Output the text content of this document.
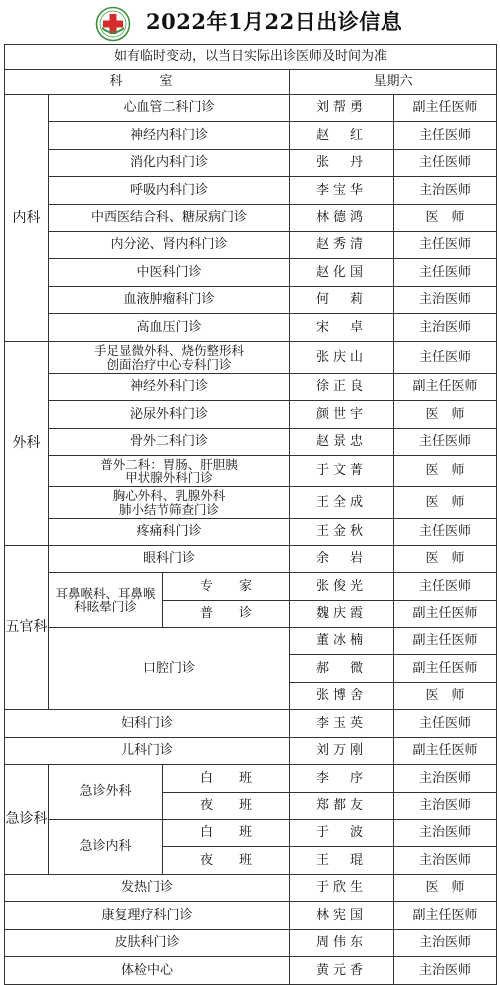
2022年1月22日出诊信息
如有临时变动，以当日实际出诊医师及时间为准				
科　室			星期六	
内科	心血管二科门诊		刘帮勇	副主任医师
	神经内科门诊		赵　红	主任医师
	消化内科门诊		张　丹	主任医师
	呼吸内科门诊		李宝华	主治医师
	中西医结合科、糖尿病门诊		林德鸿	医　师
	内分泌、肾内科门诊		赵秀清	主任医师
	中医科门诊		赵化国	主任医师
	血液肿瘤科门诊		何　莉	主治医师
	高血压门诊		宋　卓	主治医师
外科	手足显微外科、烧伤整形科
创面治疗中心专科门诊		张庆山	主任医师
	神经外科门诊		徐正良	副主任医师
	泌尿外科门诊		颜世宇	医　师
	骨外二科门诊		赵景忠	主任医师

	普外二科：胃肠、肝胆胰
甲状腺外科门诊		于文菁	医　师

	胸心外科、乳腺外科
肺小结节筛查门诊		王全成	医　师
	疼痛科门诊		王金秋	主任医师
五官科	眼科门诊		余　岩	医　师

	耳鼻喉科、耳鼻喉
科眩晕门诊	专　　家	张俊光	主任医师
		普　　诊	魏庆霞	副主任医师
	口腔门诊		董冰楠	副主任医师
			郝　微	副主任医师
			张博舍	医　师
妇科门诊			李玉英	主任医师
儿科门诊			刘万刚	副主任医师
急诊科	急诊外科	白　　班	李　序	主治医师
		夜　　班	郑都友	主治医师
	急诊内科	白　　班	于　波	主治医师
		夜　　班	王　琨	主治医师
发热门诊			于欣生	医　师
康复理疗科门诊			林宪国	副主任医师
皮肤科门诊			周伟东	主治医师
体检中心			黄元香	主治医师
